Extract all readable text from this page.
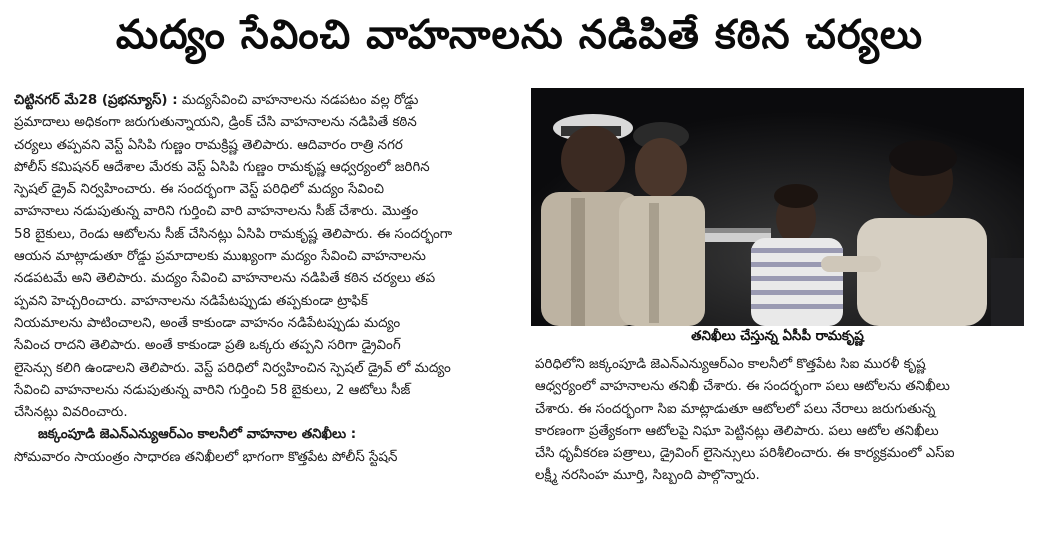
మద్యం సేవించి వాహనాలను నడిపితే కఠిన చర్యలు
చిట్టినగర్ మే28 (ప్రభన్యూస్) : మద్యసేవించి వాహనాలను నడపటం వల్ల రోడ్డు
ప్రమాదాలు అధికంగా జరుగుతున్నాయని, డ్రింక్ చేసి వాహనాలను నడిపితే కఠిన
చర్యలు తప్పవని వెస్ట్ ఏసిపి గుణ్ణం రామక్రిష్ణ తెలిపారు. ఆదివారం రాత్రి నగర
పోలీస్ కమిషనర్ ఆదేశాల మేరకు వెస్ట్ ఏసిపి గుణ్ణం రామకృష్ణ ఆధ్వర్యంలో జరిగిన
స్పెషల్ డ్రైవ్ నిర్వహించారు. ఈ సందర్భంగా వెస్ట్ పరిధిలో మద్యం సేవించి
వాహనాలు నడుపుతున్న వారిని గుర్తించి వారి వాహనాలను సీజ్ చేశారు. మొత్తం
58 బైకులు, రెండు ఆటోలను సీజ్ చేసినట్లు ఏసిపి రామకృష్ణ తెలిపారు. ఈ సందర్భంగా
ఆయన మాట్లాడుతూ రోడ్డు ప్రమాదాలకు ముఖ్యంగా మద్యం సేవించి వాహనాలను
నడపటమే అని తెలిపారు. మద్యం సేవించి వాహనాలను నడిపితే కఠిన చర్యలు తప
ప్పవని హెచ్చరించారు. వాహనాలను నడిపేటప్పుడు తప్పకుండా ట్రాఫిక్
నియమాలను పాటించాలని, అంతే కాకుండా వాహనం నడిపేటప్పుడు మద్యం
సేవించ రాదని తెలిపారు. అంతే కాకుండా ప్రతి ఒక్కరు తప్పని సరిగా డ్రైవింగ్
లైసెన్సు కలిగి ఉండాలని తెలిపారు. వెస్ట్ పరిధిలో నిర్వహించిన స్పెషల్ డ్రైవ్ లో మద్యం
సేవించి వాహనాలను నడుపుతున్న వారిని గుర్తించి 58 బైకులు, 2 ఆటోలు సీజ్
చేసినట్లు వివరించారు.
జక్కంపూడి జెఎన్ఎన్యుఆర్ఎం కాలనీలో వాహనాల తనిఖీలు :
సోమవారం సాయంత్రం సాధారణ తనిఖీలలో భాగంగా కొత్తపేట పోలీస్ స్టేషన్
తనిఖీలు చేస్తున్న ఏసీపీ రామకృష్ణ
పరిధిలోని జక్కంపూడి జెఎన్ఎన్యుఆర్ఎం కాలనీలో కొత్తపేట సిఐ మురళీ కృష్ణ
ఆధ్వర్యంలో వాహనాలను తనిఖీ చేశారు. ఈ సందర్భంగా పలు ఆటోలను తనిఖీలు
చేశారు. ఈ సందర్భంగా సిఐ మాట్లాడుతూ ఆటోలలో పలు నేరాలు జరుగుతున్న
కారణంగా ప్రత్యేకంగా ఆటోలపై నిఘా పెట్టినట్లు తెలిపారు. పలు ఆటోల తనిఖీలు
చేసి ధృవీకరణ పత్రాలు, డ్రైవింగ్ లైసెన్సులు పరిశీలించారు. ఈ కార్యక్రమంలో ఎస్ఐ
లక్ష్మీ నరసింహ మూర్తి, సిబ్బంది పాల్గొన్నారు.
